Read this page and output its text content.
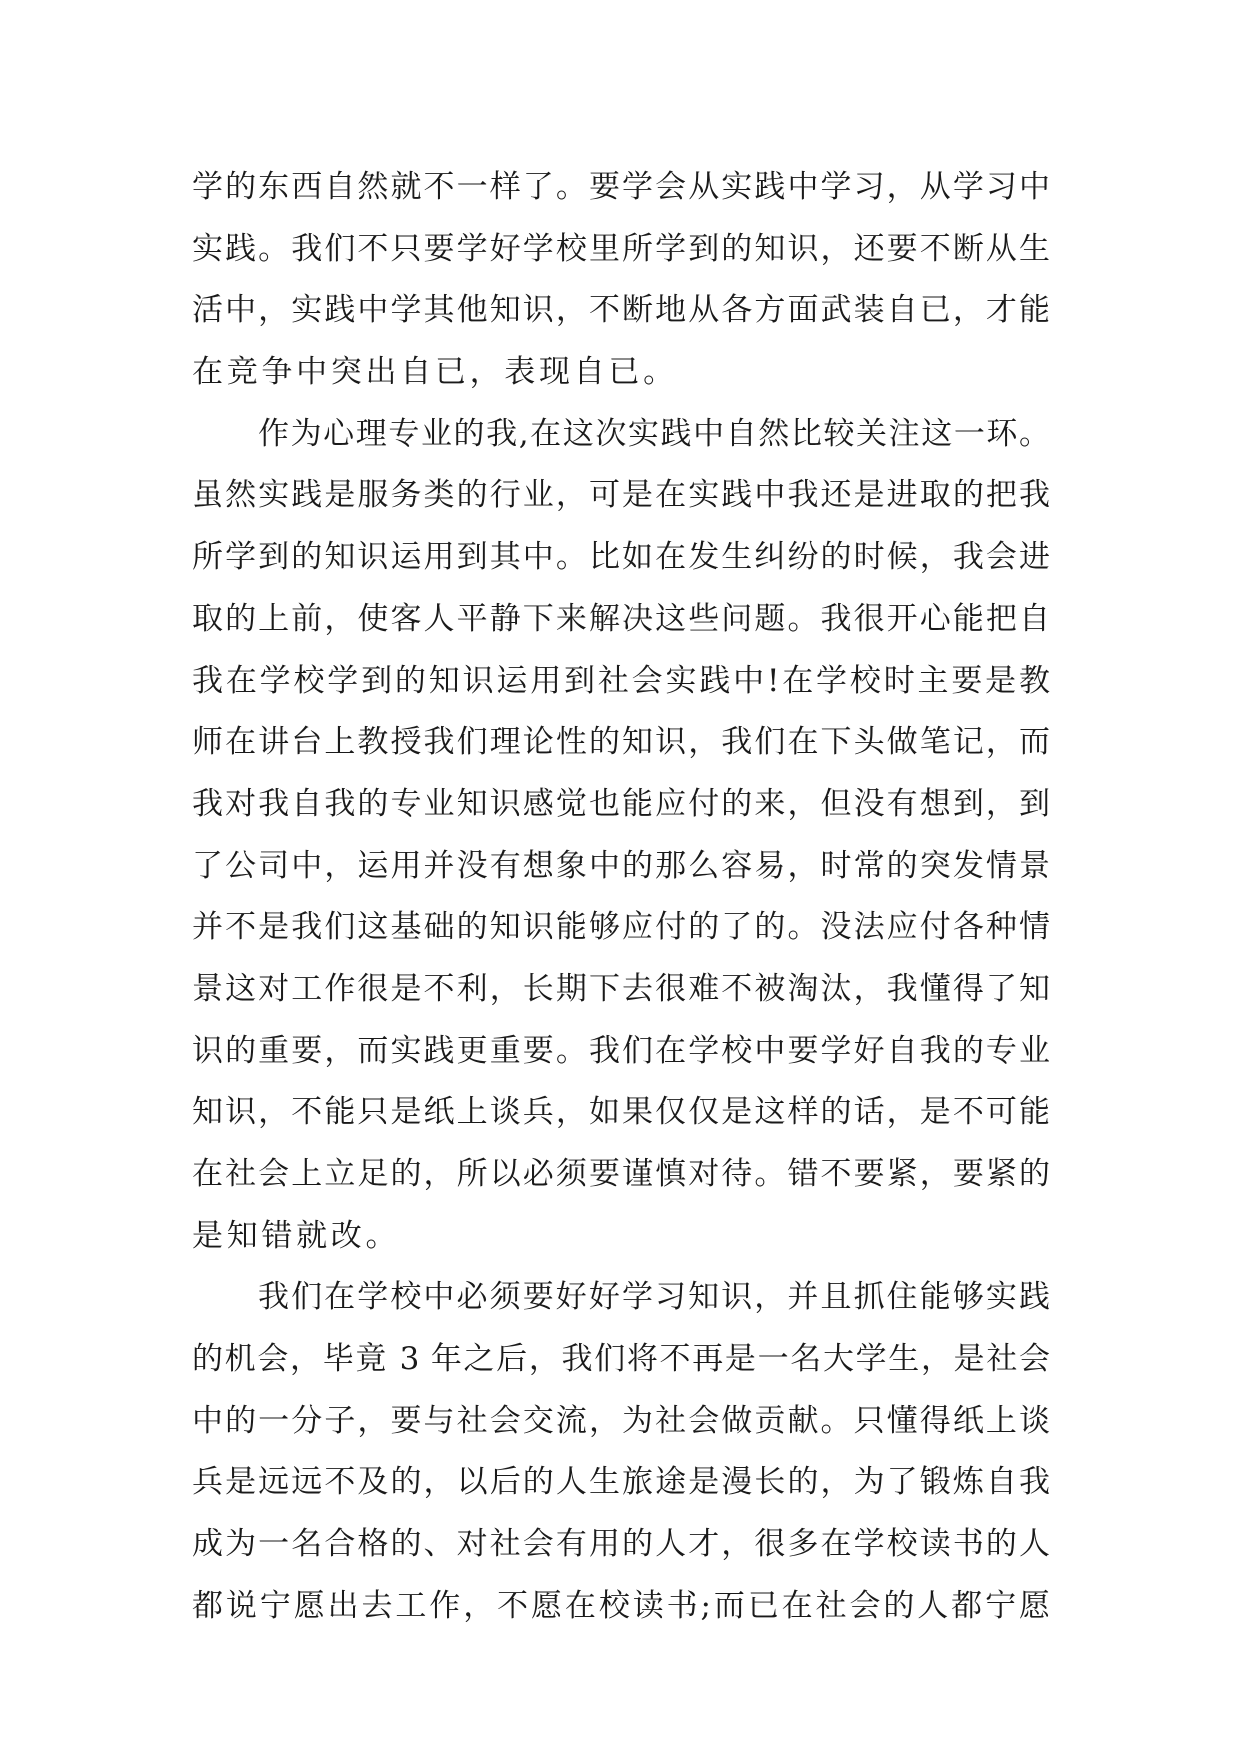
学的东西自然就不一样了。要学会从实践中学习，从学习中
实践。我们不只要学好学校里所学到的知识，还要不断从生
活中，实践中学其他知识，不断地从各方面武装自已，才能
在竞争中突出自已，表现自已。
作为心理专业的我,在这次实践中自然比较关注这一环。
虽然实践是服务类的行业，可是在实践中我还是进取的把我
所学到的知识运用到其中。比如在发生纠纷的时候，我会进
取的上前，使客人平静下来解决这些问题。我很开心能把自
我在学校学到的知识运用到社会实践中!在学校时主要是教
师在讲台上教授我们理论性的知识，我们在下头做笔记，而
我对我自我的专业知识感觉也能应付的来，但没有想到，到
了公司中，运用并没有想象中的那么容易，时常的突发情景
并不是我们这基础的知识能够应付的了的。没法应付各种情
景这对工作很是不利，长期下去很难不被淘汰，我懂得了知
识的重要，而实践更重要。我们在学校中要学好自我的专业
知识，不能只是纸上谈兵，如果仅仅是这样的话，是不可能
在社会上立足的，所以必须要谨慎对待。错不要紧，要紧的
是知错就改。
我们在学校中必须要好好学习知识，并且抓住能够实践
的机会，毕竟 3 年之后，我们将不再是一名大学生，是社会
中的一分子，要与社会交流，为社会做贡献。只懂得纸上谈
兵是远远不及的，以后的人生旅途是漫长的，为了锻炼自我
成为一名合格的、对社会有用的人才，很多在学校读书的人
都说宁愿出去工作，不愿在校读书;而已在社会的人都宁愿
